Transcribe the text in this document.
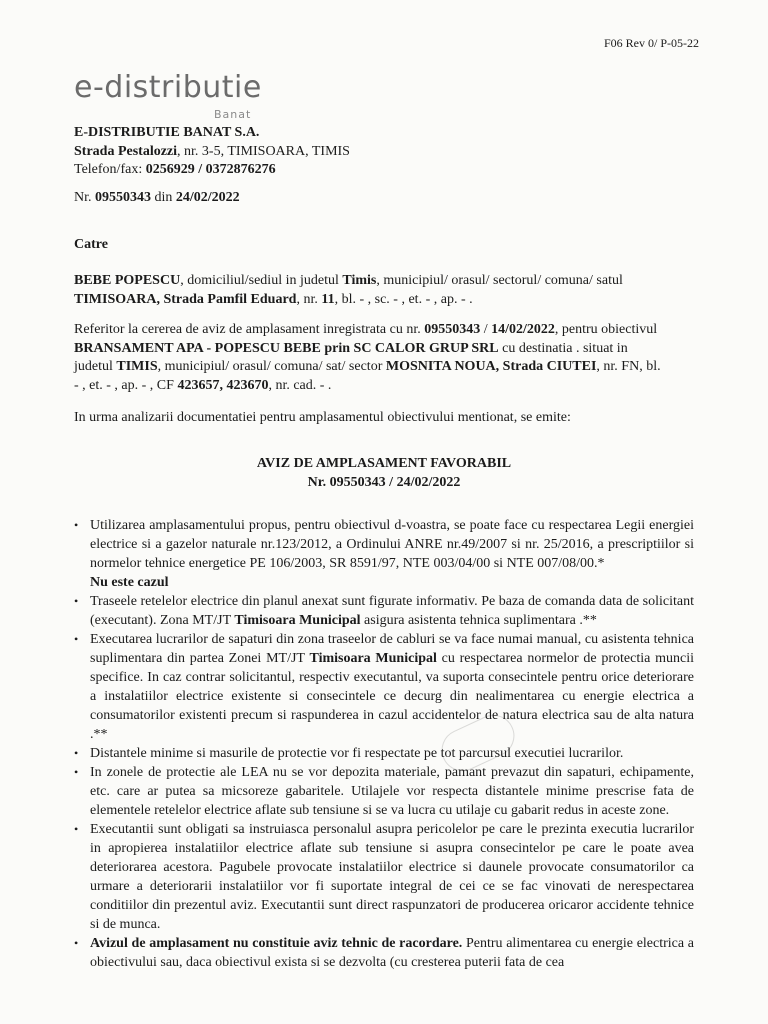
F06 Rev 0/ P-05-22
e-distributie
Banat
E-DISTRIBUTIE BANAT S.A.
Strada Pestalozzi, nr. 3-5, TIMISOARA, TIMIS
Telefon/fax: 0256929 / 0372876276
Nr. 09550343 din 24/02/2022
Catre
BEBE POPESCU, domiciliul/sediul in judetul Timis, municipiul/ orasul/ sectorul/ comuna/ satul
TIMISOARA, Strada Pamfil Eduard, nr. 11, bl. - , sc. - , et. - , ap. - .
Referitor la cererea de aviz de amplasament inregistrata cu nr. 09550343 / 14/02/2022, pentru obiectivul
BRANSAMENT APA - POPESCU BEBE prin SC CALOR GRUP SRL cu destinatia . situat in
judetul TIMIS, municipiul/ orasul/ comuna/ sat/ sector MOSNITA NOUA, Strada CIUTEI, nr. FN, bl.
- , et. - , ap. - , CF 423657, 423670, nr. cad. - .
In urma analizarii documentatiei pentru amplasamentul obiectivului mentionat, se emite:
AVIZ DE AMPLASAMENT FAVORABIL
Nr. 09550343 / 24/02/2022

• Utilizarea amplasamentului propus, pentru obiectivul d-voastra, se poate face cu respectarea Legii energiei electrice si a gazelor naturale nr.123/2012, a Ordinului ANRE nr.49/2007 si nr. 25/2016, a prescriptiilor si normelor tehnice energetice PE 106/2003, SR 8591/97, NTE 003/04/00 si NTE 007/08/00.*

Nu este cazul

• Traseele retelelor electrice din planul anexat sunt figurate informativ. Pe baza de comanda data de solicitant (executant). Zona MT/JT Timisoara Municipal asigura asistenta tehnica suplimentara .**

• Executarea lucrarilor de sapaturi din zona traseelor de cabluri se va face numai manual, cu asistenta tehnica suplimentara din partea Zonei MT/JT Timisoara Municipal cu respectarea normelor de protectia muncii specifice. In caz contrar solicitantul, respectiv executantul, va suporta consecintele pentru orice deteriorare a instalatiilor electrice existente si consecintele ce decurg din nealimentarea cu energie electrica a consumatorilor existenti precum si raspunderea in cazul accidentelor de natura electrica sau de alta natura .**

• Distantele minime si masurile de protectie vor fi respectate pe tot parcursul executiei lucrarilor.

• In zonele de protectie ale LEA nu se vor depozita materiale, pamant prevazut din sapaturi, echipamente, etc. care ar putea sa micsoreze gabaritele. Utilajele vor respecta distantele minime prescrise fata de elementele retelelor electrice aflate sub tensiune si se va lucra cu utilaje cu gabarit redus in aceste zone.

• Executantii sunt obligati sa instruiasca personalul asupra pericolelor pe care le prezinta executia lucrarilor in apropierea instalatiilor electrice aflate sub tensiune si asupra consecintelor pe care le poate avea deteriorarea acestora. Pagubele provocate instalatiilor electrice si daunele provocate consumatorilor ca urmare a deteriorarii instalatiilor vor fi suportate integral de cei ce se fac vinovati de nerespectarea conditiilor din prezentul aviz. Executantii sunt direct raspunzatori de producerea oricaror accidente tehnice si de munca.

• Avizul de amplasament nu constituie aviz tehnic de racordare. Pentru alimentarea cu energie electrica a obiectivului sau, daca obiectivul exista si se dezvolta (cu cresterea puterii fata de cea
